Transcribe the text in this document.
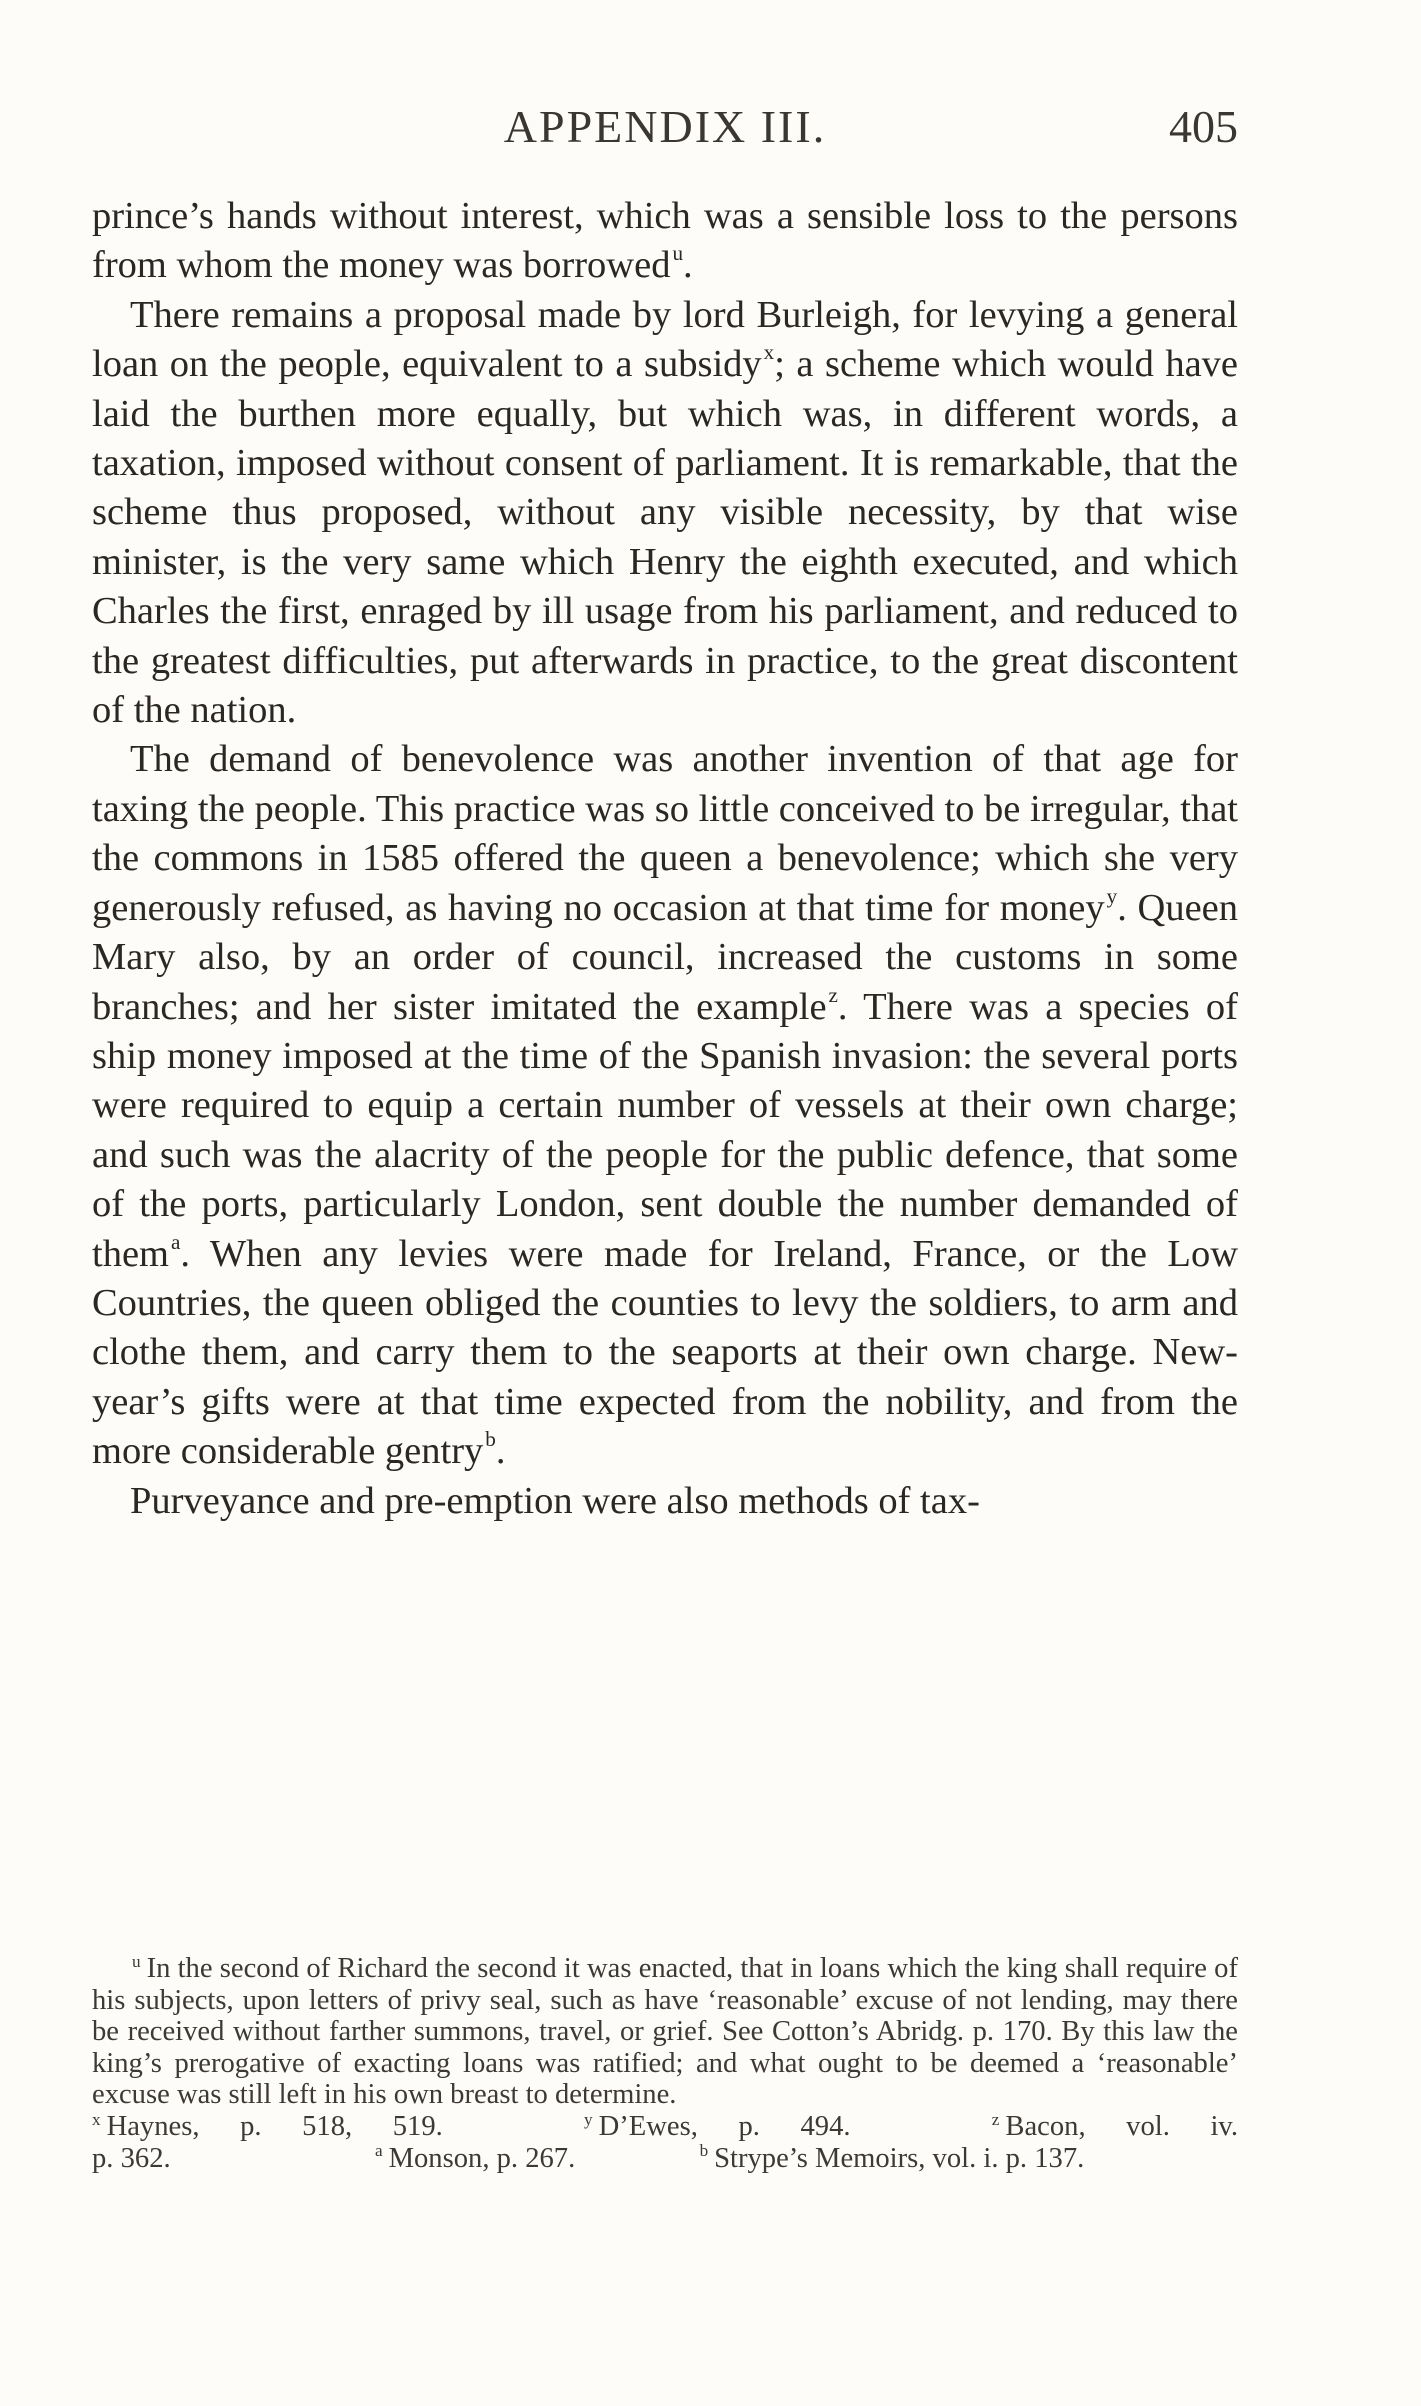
APPENDIX III.	405

prince’s hands without interest, which was a sensible loss to the persons from whom the money was borrowed$^u$.

There remains a proposal made by lord Burleigh, for levying a general loan on the people, equivalent to a subsidy$^x$; a scheme which would have laid the burthen more equally, but which was, in different words, a taxation, imposed without consent of parliament. It is remarkable, that the scheme thus proposed, without any visible necessity, by that wise minister, is the very same which Henry the eighth executed, and which Charles the first, enraged by ill usage from his parliament, and reduced to the greatest difficulties, put afterwards in practice, to the great discontent of the nation.

The demand of benevolence was another invention of that age for taxing the people. This practice was so little conceived to be irregular, that the commons in 1585 offered the queen a benevolence; which she very generously refused, as having no occasion at that time for money$^y$. Queen Mary also, by an order of council, increased the customs in some branches; and her sister imitated the example$^z$. There was a species of ship money imposed at the time of the Spanish invasion: the several ports were required to equip a certain number of vessels at their own charge; and such was the alacrity of the people for the public defence, that some of the ports, particularly London, sent double the number demanded of them$^a$. When any levies were made for Ireland, France, or the Low Countries, the queen obliged the counties to levy the soldiers, to arm and clothe them, and carry them to the seaports at their own charge. New-year’s gifts were at that time expected from the nobility, and from the more considerable gentry$^b$.

Purveyance and pre-emption were also methods of tax-

$^u$ In the second of Richard the second it was enacted, that in loans which the king shall require of his subjects, upon letters of privy seal, such as have ‘reasonable’ excuse of not lending, may there be received without farther summons, travel, or grief. See Cotton’s Abridg. p. 170. By this law the king’s prerogative of exacting loans was ratified; and what ought to be deemed a ‘reasonable’ excuse was still left in his own breast to determine.

$^x$ Haynes, p. 518, 519.	$^y$ D’Ewes, p. 494.	$^z$ Bacon, vol. iv.
p. 362.	$^a$ Monson, p. 267.	$^b$ Strype’s Memoirs, vol. i. p. 137.
